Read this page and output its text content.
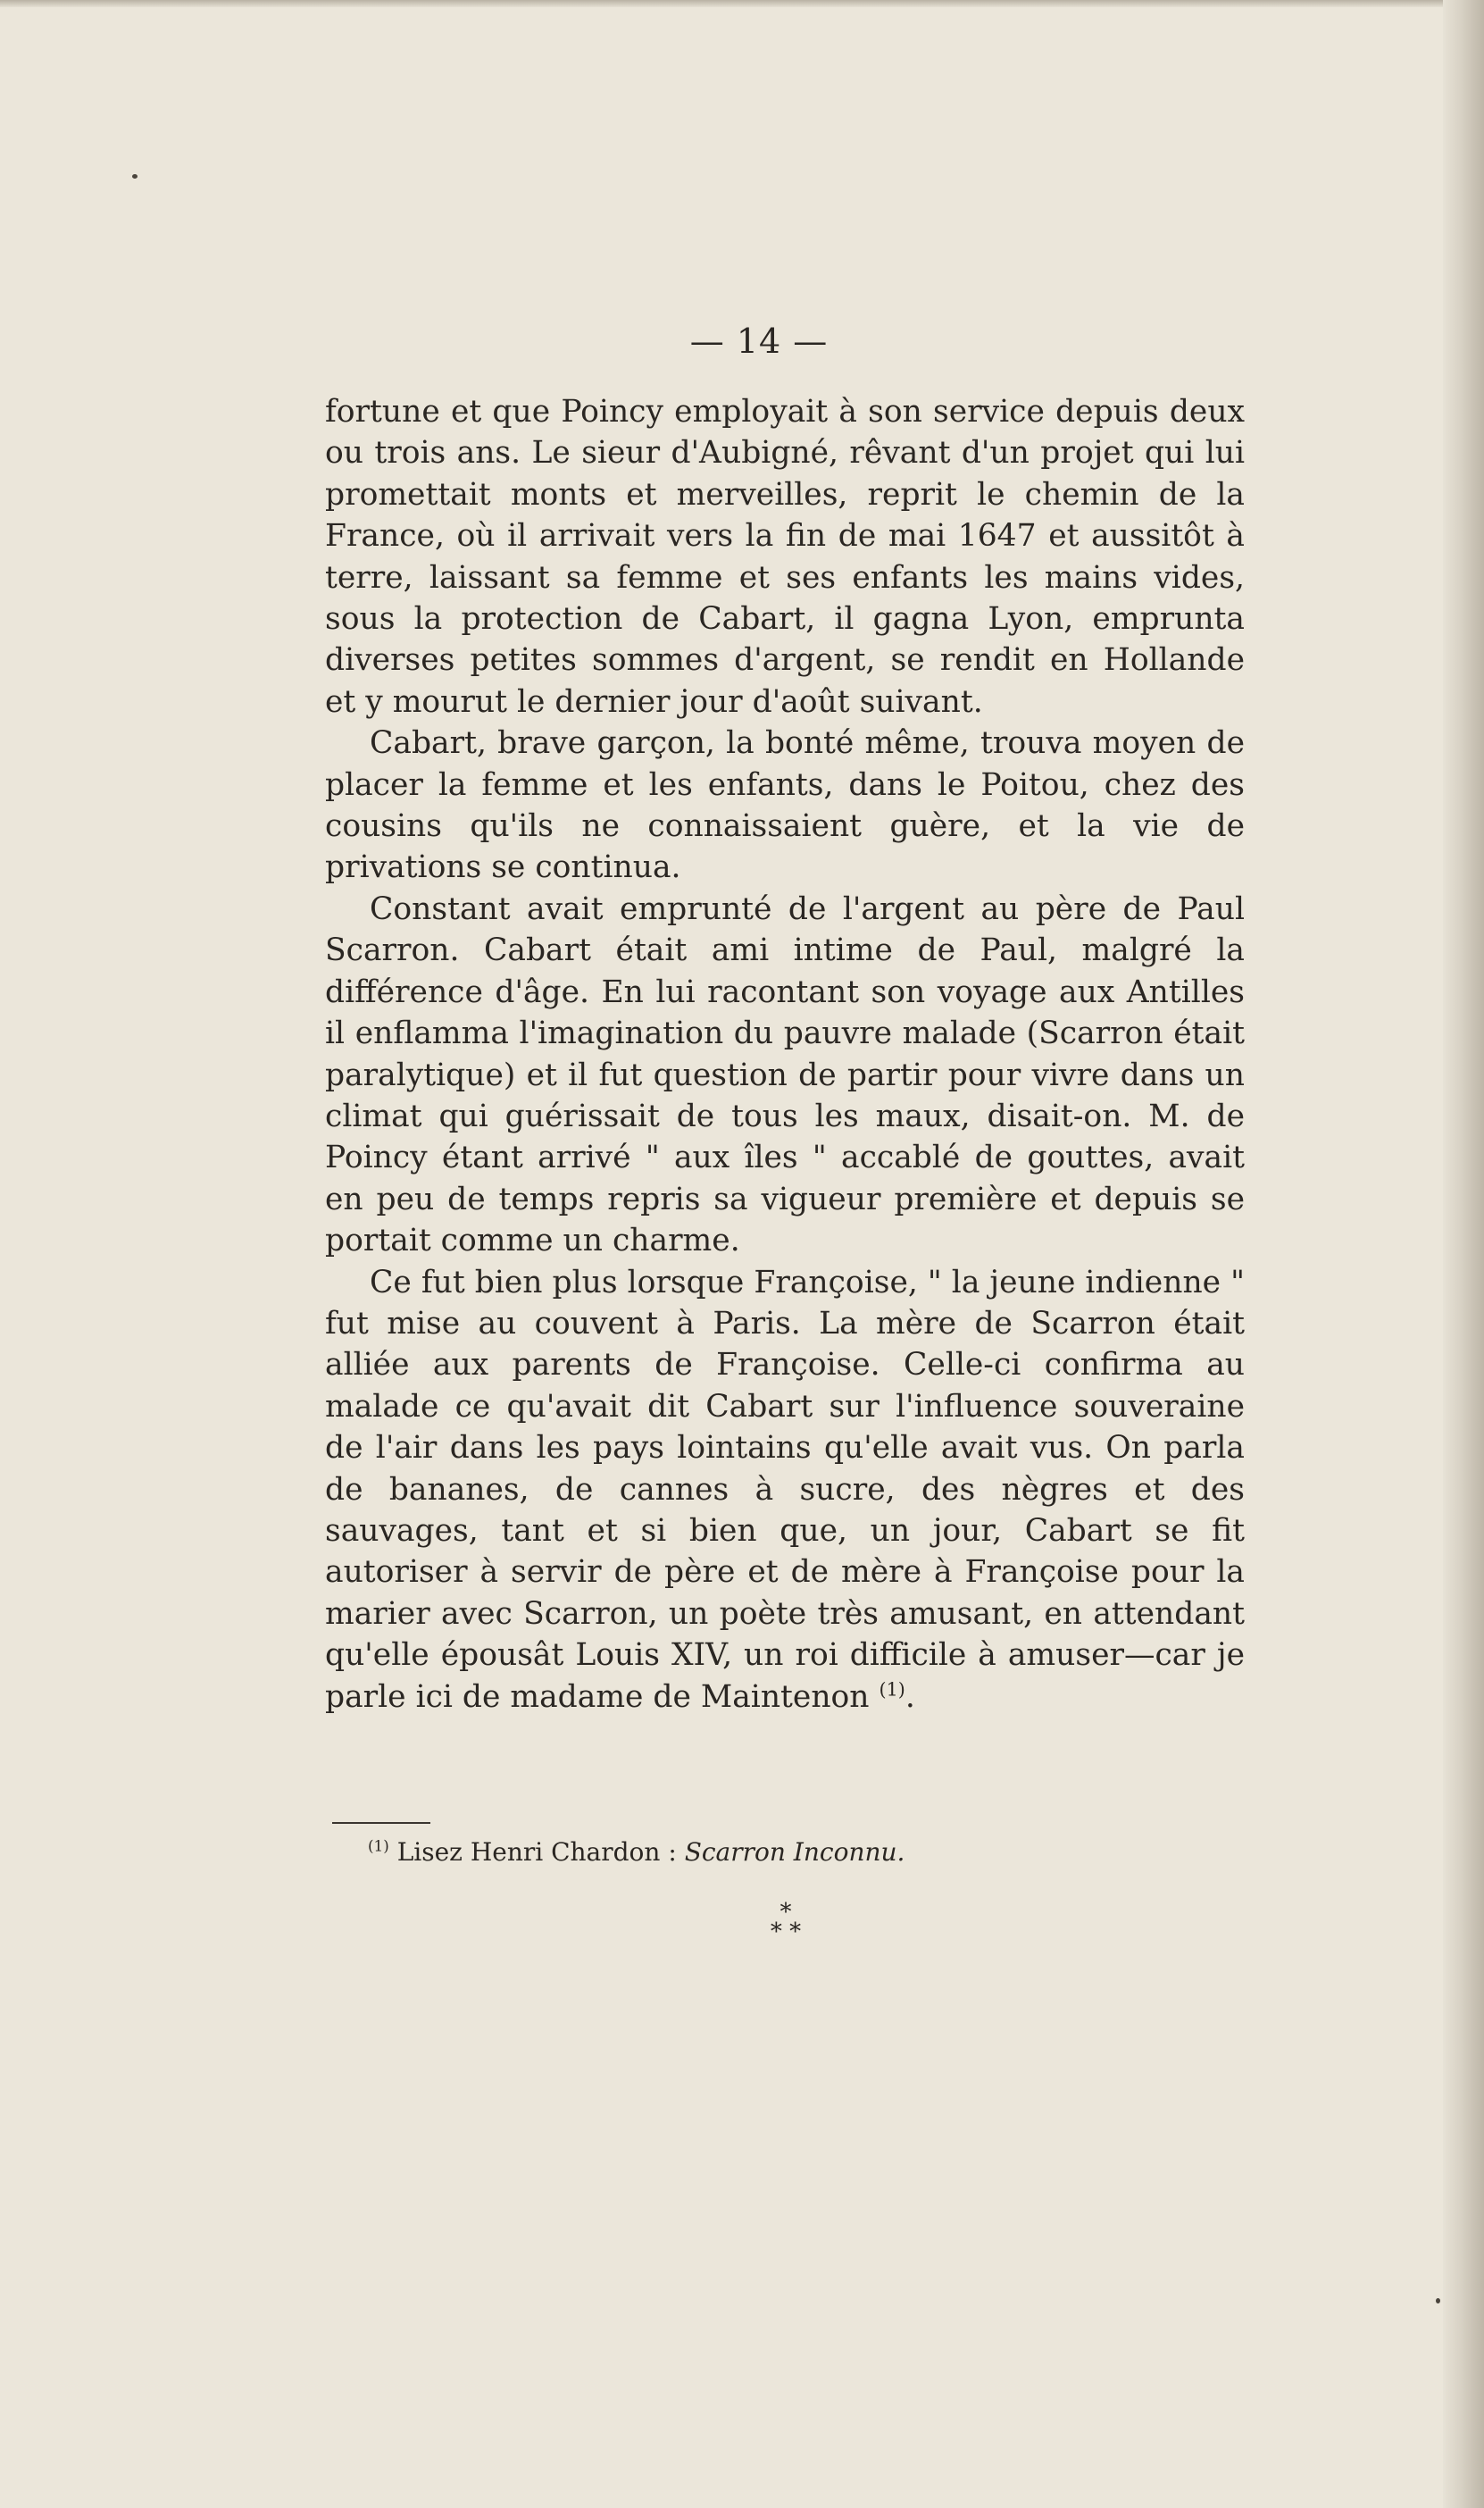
— 14 —

fortune et que Poincy employait à son service depuis deux ou trois ans. Le sieur d'Aubigné, rêvant d'un projet qui lui promettait monts et merveilles, reprit le chemin de la France, où il arrivait vers la fin de mai 1647 et aussitôt à terre, laissant sa femme et ses enfants les mains vides, sous la protection de Cabart, il gagna Lyon, emprunta diverses petites sommes d'argent, se rendit en Hollande et y mourut le dernier jour d'août suivant.

Cabart, brave garçon, la bonté même, trouva moyen de placer la femme et les enfants, dans le Poitou, chez des cousins qu'ils ne connaissaient guère, et la vie de privations se continua.

Constant avait emprunté de l'argent au père de Paul Scarron. Cabart était ami intime de Paul, malgré la différence d'âge. En lui racontant son voyage aux Antilles il enflamma l'imagination du pauvre malade (Scarron était paralytique) et il fut question de partir pour vivre dans un climat qui guérissait de tous les maux, disait-on. M. de Poincy étant arrivé " aux îles " accablé de gouttes, avait en peu de temps repris sa vigueur première et depuis se portait comme un charme.

Ce fut bien plus lorsque Françoise, " la jeune indienne " fut mise au couvent à Paris. La mère de Scarron était alliée aux parents de Françoise. Celle-ci confirma au malade ce qu'avait dit Cabart sur l'influence souveraine de l'air dans les pays lointains qu'elle avait vus. On parla de bananes, de cannes à sucre, des nègres et des sauvages, tant et si bien que, un jour, Cabart se fit autoriser à servir de père et de mère à Françoise pour la marier avec Scarron, un poète très amusant, en attendant qu'elle épousât Louis XIV, un roi difficile à amuser—car je parle ici de madame de Maintenon $^{(1)}$.

$^{(1)}$ Lisez Henri Chardon : Scarron Inconnu.
*
* *
